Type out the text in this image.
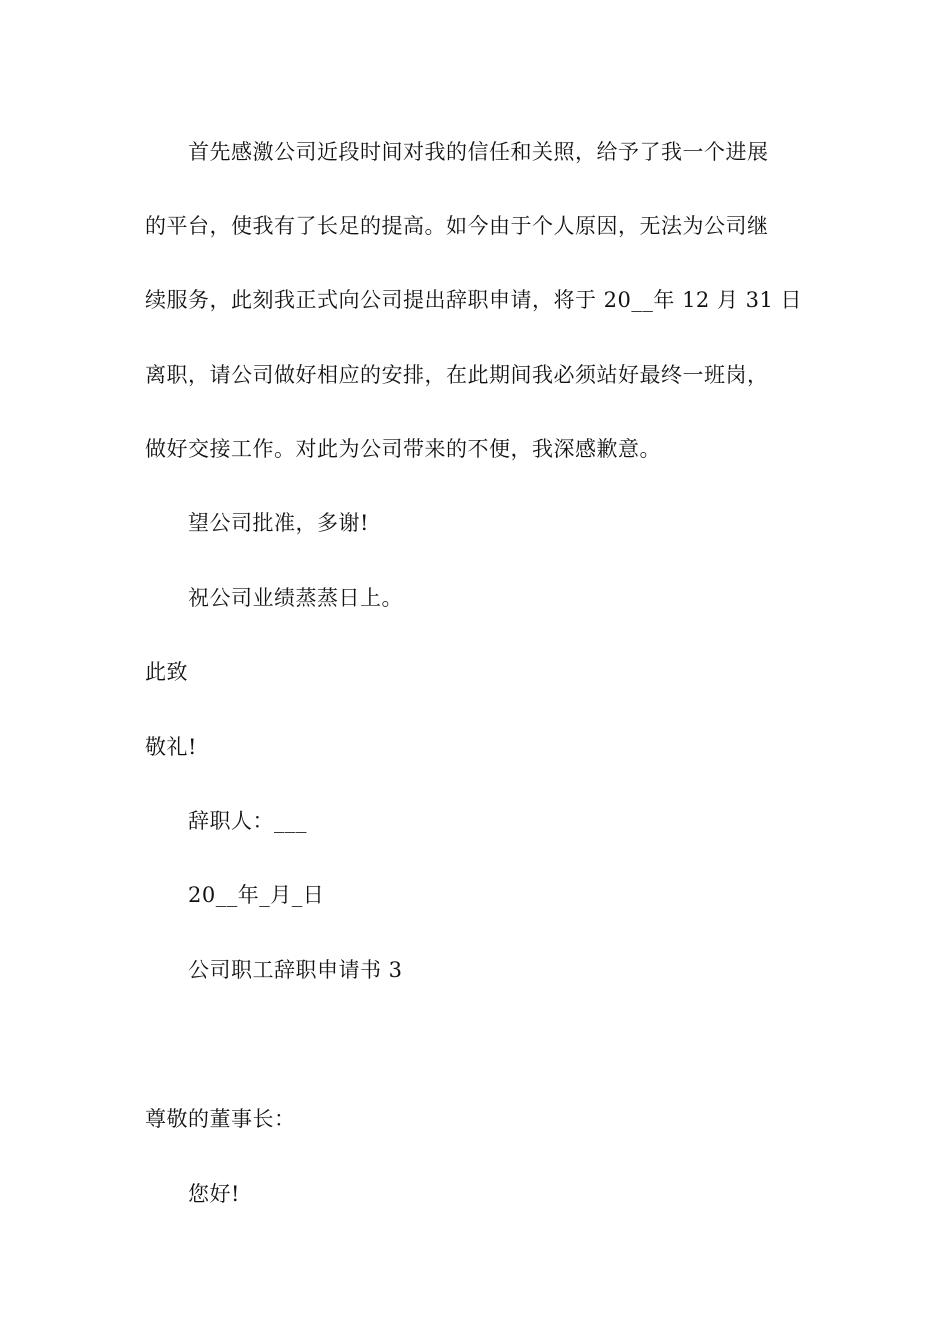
首先感激公司近段时间对我的信任和关照，给予了我一个进展
的平台，使我有了长足的提高。如今由于个人原因，无法为公司继
续服务，此刻我正式向公司提出辞职申请，将于 20__年 12 月 31 日
离职，请公司做好相应的安排，在此期间我必须站好最终一班岗，
做好交接工作。对此为公司带来的不便，我深感歉意。
望公司批准，多谢!
祝公司业绩蒸蒸日上。
此致
敬礼!
辞职人：___
20__年_月_日
公司职工辞职申请书 3
尊敬的董事长：
您好!
